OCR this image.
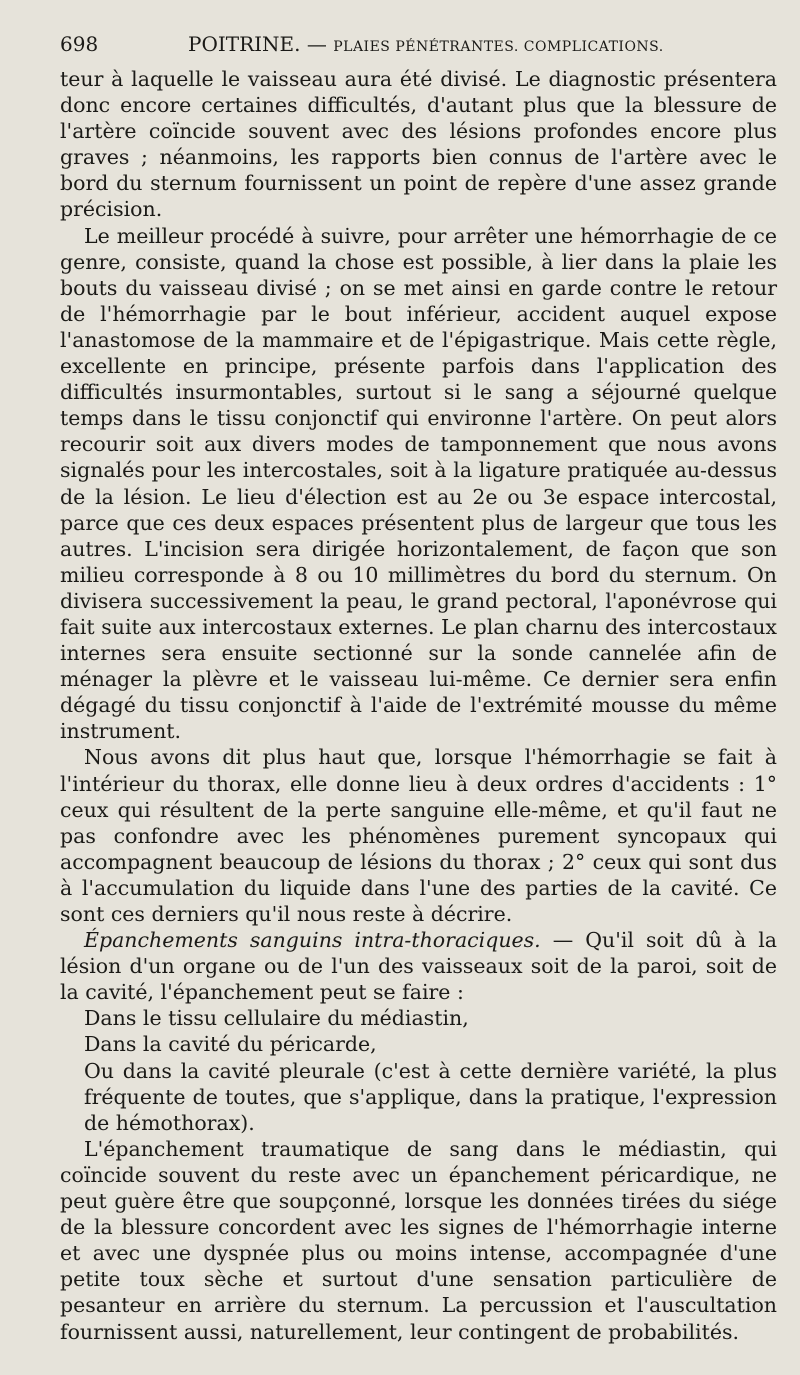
698	POITRINE. — PLAIES PÉNÉTRANTES. COMPLICATIONS.

teur à laquelle le vaisseau aura été divisé. Le diagnostic présentera donc encore certaines difficultés, d'autant plus que la blessure de l'artère coïncide souvent avec des lésions profondes encore plus graves ; néanmoins, les rapports bien connus de l'artère avec le bord du sternum fournissent un point de repère d'une assez grande précision.

Le meilleur procédé à suivre, pour arrêter une hémorrhagie de ce genre, consiste, quand la chose est possible, à lier dans la plaie les bouts du vaisseau divisé ; on se met ainsi en garde contre le retour de l'hémorrhagie par le bout inférieur, accident auquel expose l'anastomose de la mammaire et de l'épigastrique. Mais cette règle, excellente en principe, présente parfois dans l'application des difficultés insurmontables, surtout si le sang a séjourné quelque temps dans le tissu conjonctif qui environne l'artère. On peut alors recourir soit aux divers modes de tamponnement que nous avons signalés pour les intercostales, soit à la ligature pratiquée au-dessus de la lésion. Le lieu d'élection est au 2e ou 3e espace intercostal, parce que ces deux espaces présentent plus de largeur que tous les autres. L'incision sera dirigée horizontalement, de façon que son milieu corresponde à 8 ou 10 millimètres du bord du sternum. On divisera successivement la peau, le grand pectoral, l'aponévrose qui fait suite aux intercostaux externes. Le plan charnu des intercostaux internes sera ensuite sectionné sur la sonde cannelée afin de ménager la plèvre et le vaisseau lui-même. Ce dernier sera enfin dégagé du tissu conjonctif à l'aide de l'extrémité mousse du même instrument.

Nous avons dit plus haut que, lorsque l'hémorrhagie se fait à l'intérieur du thorax, elle donne lieu à deux ordres d'accidents : 1° ceux qui résultent de la perte sanguine elle-même, et qu'il faut ne pas confondre avec les phénomènes purement syncopaux qui accompagnent beaucoup de lésions du thorax ; 2° ceux qui sont dus à l'accumulation du liquide dans l'une des parties de la cavité. Ce sont ces derniers qu'il nous reste à décrire.

Épanchements sanguins intra-thoraciques. — Qu'il soit dû à la lésion d'un organe ou de l'un des vaisseaux soit de la paroi, soit de la cavité, l'épanchement peut se faire :

Dans le tissu cellulaire du médiastin,

Dans la cavité du péricarde,

Ou dans la cavité pleurale (c'est à cette dernière variété, la plus fréquente de toutes, que s'applique, dans la pratique, l'expression de hémothorax).

L'épanchement traumatique de sang dans le médiastin, qui coïncide souvent du reste avec un épanchement péricardique, ne peut guère être que soupçonné, lorsque les données tirées du siége de la blessure concordent avec les signes de l'hémorrhagie interne et avec une dyspnée plus ou moins intense, accompagnée d'une petite toux sèche et surtout d'une sensation particulière de pesanteur en arrière du sternum. La percussion et l'auscultation fournissent aussi, naturellement, leur contingent de probabilités.
